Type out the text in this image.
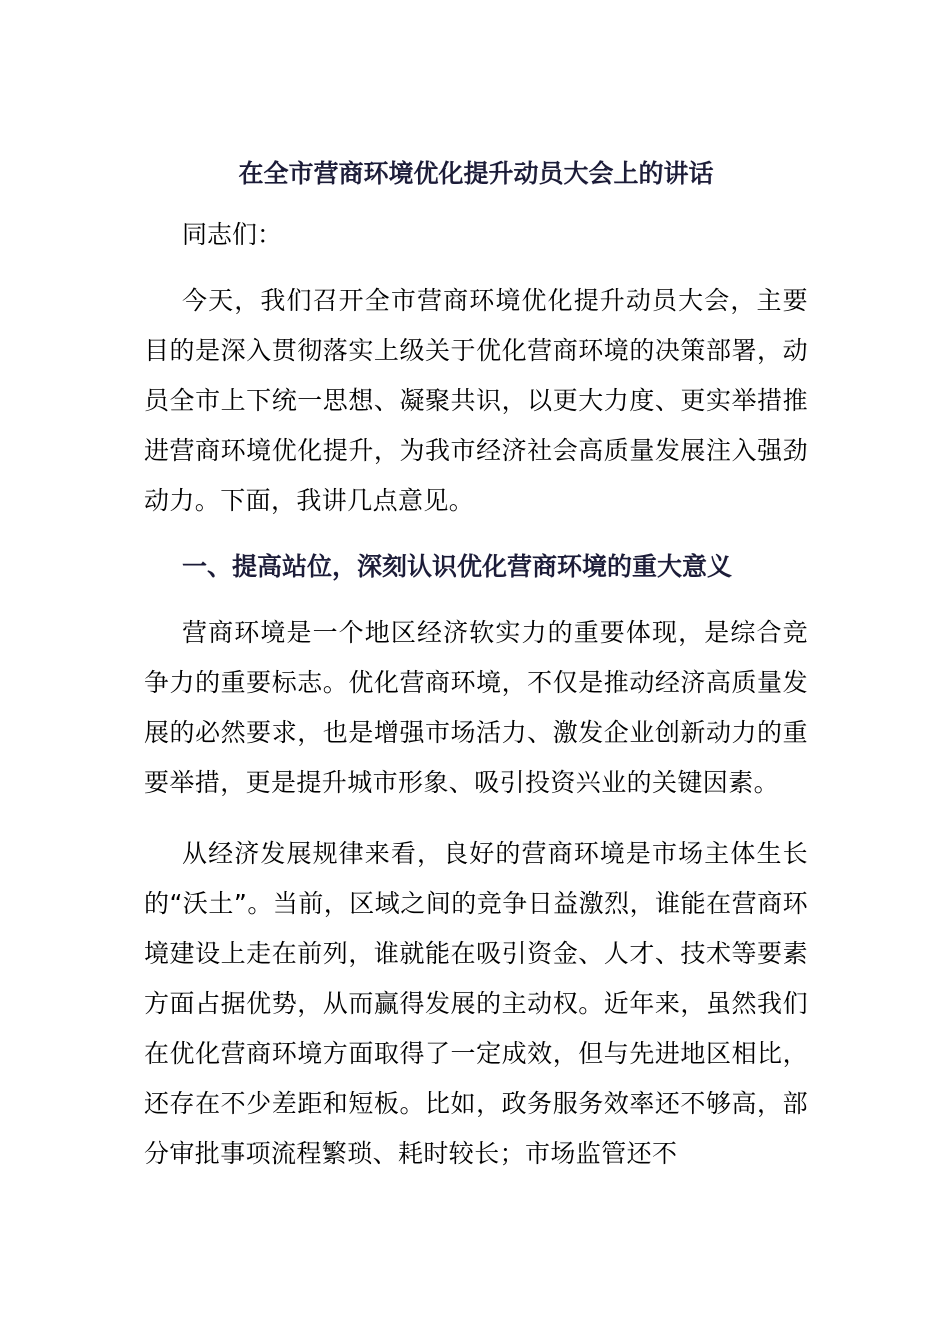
在全市营商环境优化提升动员大会上的讲话

同志们：

今天，我们召开全市营商环境优化提升动员大会，主要目的是深入贯彻落实上级关于优化营商环境的决策部署，动员全市上下统一思想、凝聚共识，以更大力度、更实举措推进营商环境优化提升，为我市经济社会高质量发展注入强劲动力。下面，我讲几点意见。

一、提高站位，深刻认识优化营商环境的重大意义

营商环境是一个地区经济软实力的重要体现，是综合竞争力的重要标志。优化营商环境，不仅是推动经济高质量发展的必然要求，也是增强市场活力、激发企业创新动力的重要举措，更是提升城市形象、吸引投资兴业的关键因素。

从经济发展规律来看，良好的营商环境是市场主体生长的“沃土”。当前，区域之间的竞争日益激烈，谁能在营商环境建设上走在前列，谁就能在吸引资金、人才、技术等要素方面占据优势，从而赢得发展的主动权。近年来，虽然我们在优化营商环境方面取得了一定成效，但与先进地区相比，还存在不少差距和短板。比如，政务服务效率还不够高，部分审批事项流程繁琐、耗时较长；市场监管还不
